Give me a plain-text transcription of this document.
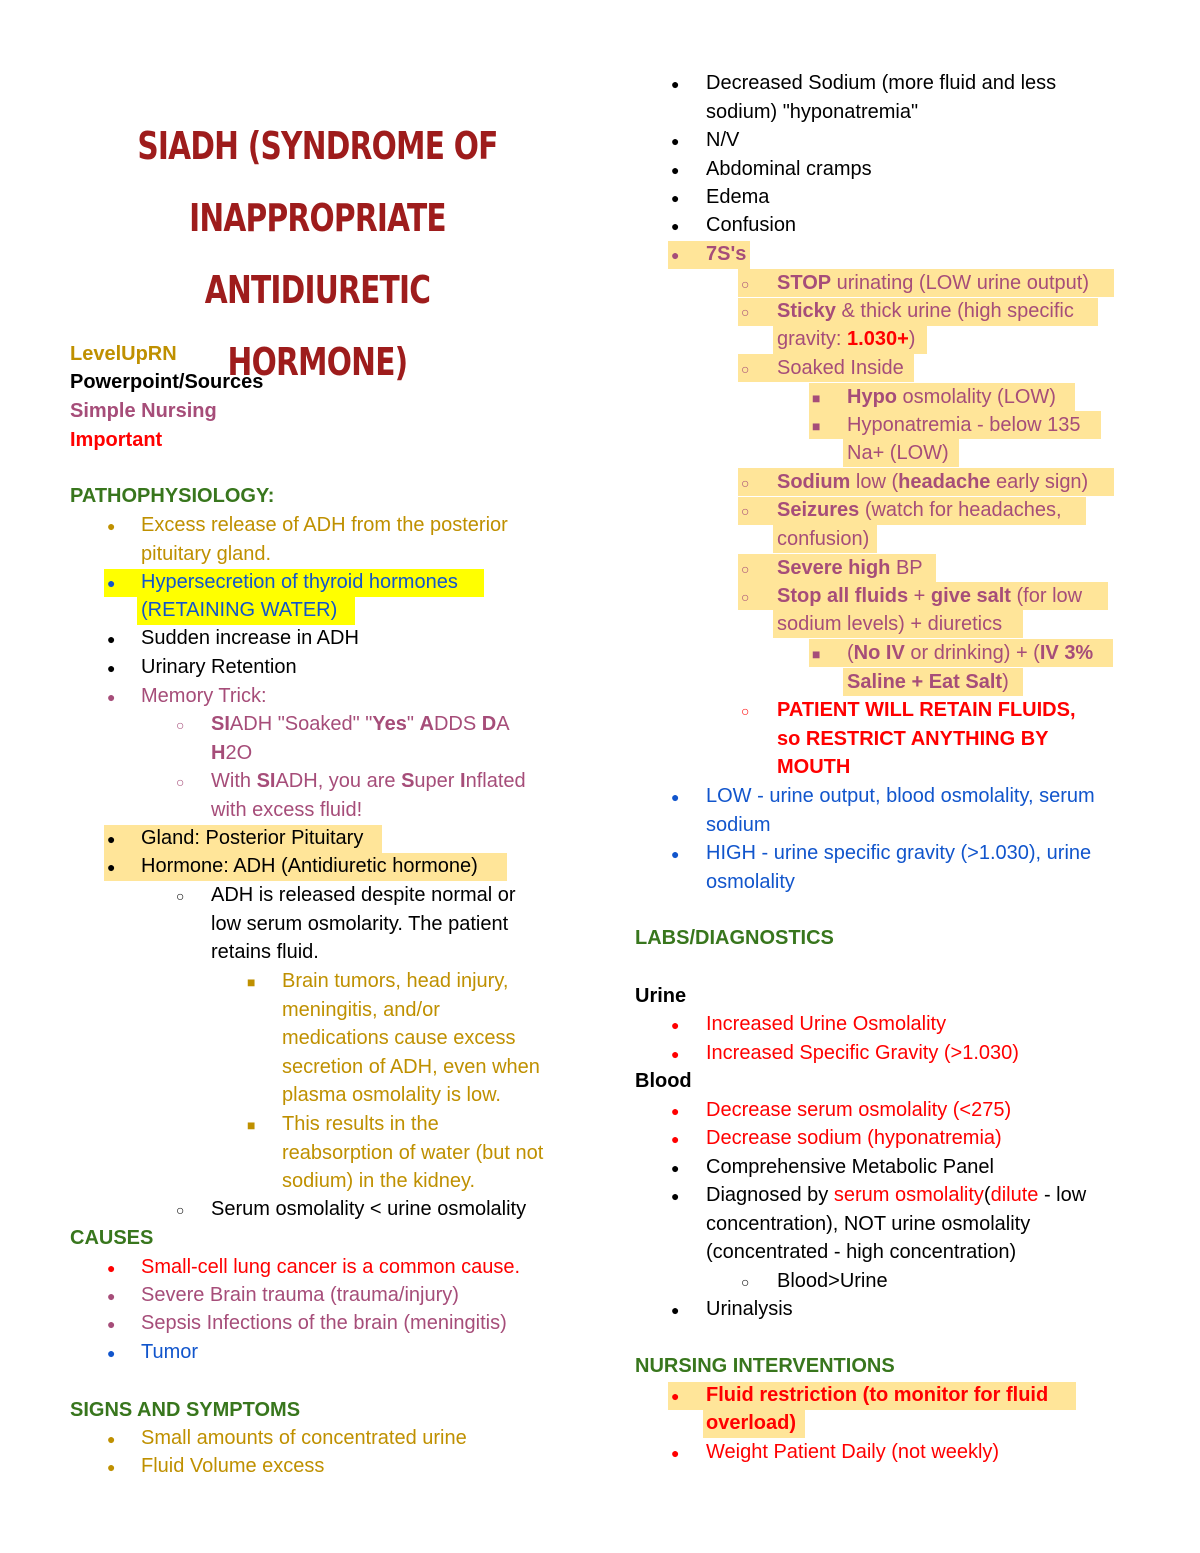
SIADH (SYNDROME OF
INAPPROPRIATE ANTIDIURETIC
HORMONE)
LevelUpRN
Powerpoint/Sources
Simple Nursing
Important
PATHOPHYSIOLOGY:
● Excess release of ADH from the posterior
pituitary gland.
● Hypersecretion of thyroid hormones
(RETAINING WATER)
● Sudden increase in ADH
● Urinary Retention
● Memory Trick:
○ SIADH "Soaked" "Yes" ADDS DA
H2O
○ With SIADH, you are Super Inflated
with excess fluid!
● Gland: Posterior Pituitary
● Hormone: ADH (Antidiuretic hormone)
○ ADH is released despite normal or
low serum osmolarity. The patient
retains fluid.
■ Brain tumors, head injury,
meningitis, and/or
medications cause excess
secretion of ADH, even when
plasma osmolality is low.
■ This results in the
reabsorption of water (but not
sodium) in the kidney.
○ Serum osmolality < urine osmolality
CAUSES
● Small-cell lung cancer is a common cause.
● Severe Brain trauma (trauma/injury)
● Sepsis Infections of the brain (meningitis)
● Tumor
SIGNS AND SYMPTOMS
● Small amounts of concentrated urine
● Fluid Volume excess
● Decreased Sodium (more fluid and less
sodium) "hyponatremia"
● N/V
● Abdominal cramps
● Edema
● Confusion
● 7S's
○ STOP urinating (LOW urine output)
○ Sticky & thick urine (high specific
gravity: 1.030+)
○ Soaked Inside
■ Hypo osmolality (LOW)
■ Hyponatremia - below 135
Na+ (LOW)
○ Sodium low (headache early sign)
○ Seizures (watch for headaches,
confusion)
○ Severe high BP
○ Stop all fluids + give salt (for low
sodium levels) + diuretics
■ (No IV or drinking) + (IV 3%
Saline + Eat Salt)
○ PATIENT WILL RETAIN FLUIDS,
so RESTRICT ANYTHING BY
MOUTH
● LOW - urine output, blood osmolality, serum
sodium
● HIGH - urine specific gravity (>1.030), urine
osmolality
LABS/DIAGNOSTICS
Urine
● Increased Urine Osmolality
● Increased Specific Gravity (>1.030)
Blood
● Decrease serum osmolality (<275)
● Decrease sodium (hyponatremia)
● Comprehensive Metabolic Panel
● Diagnosed by serum osmolality(dilute - low
concentration), NOT urine osmolality
(concentrated - high concentration)
○ Blood>Urine
● Urinalysis
NURSING INTERVENTIONS
● Fluid restriction (to monitor for fluid
overload)
● Weight Patient Daily (not weekly)
